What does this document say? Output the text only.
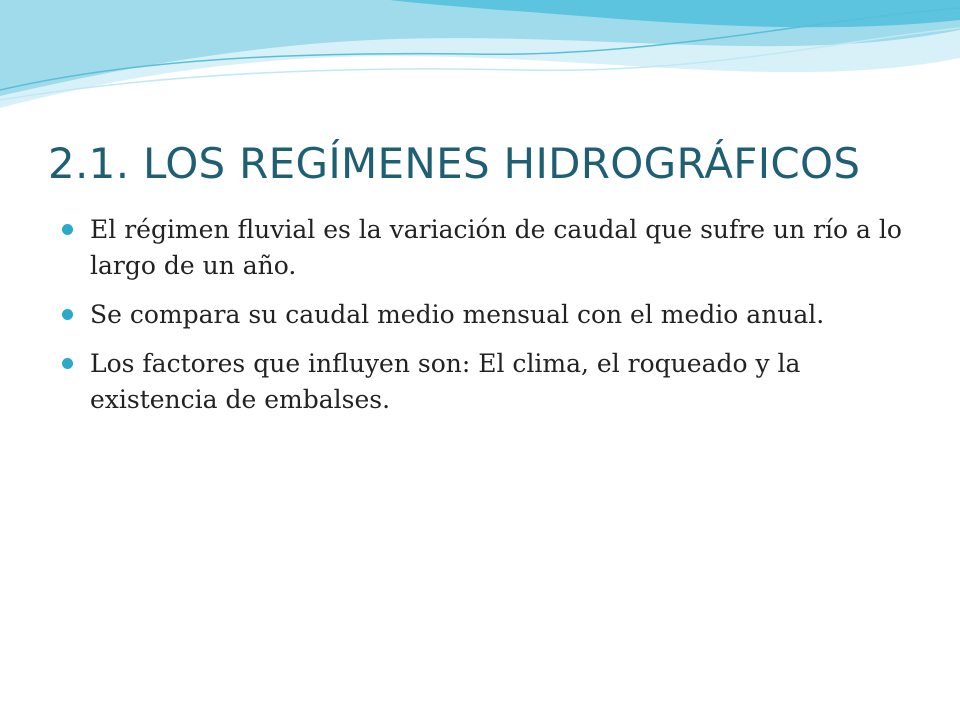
2.1. LOS REGÍMENES HIDROGRÁFICOS
El régimen fluvial es la variación de caudal que sufre un río a lo largo de un año.
Se compara su caudal medio mensual con el medio anual.
Los factores que influyen son: El clima, el roqueado y la existencia de embalses.
